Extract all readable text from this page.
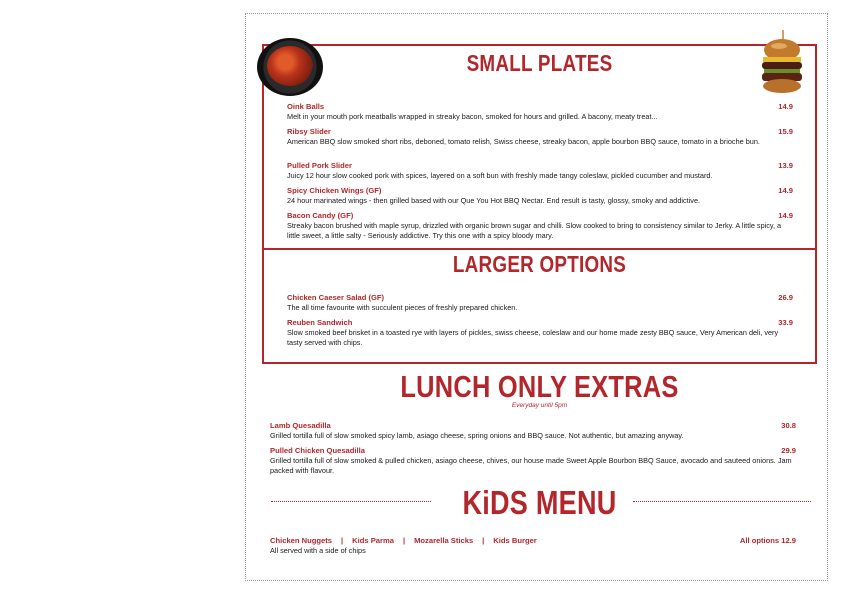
SMALL PLATES
Oink Balls	14.9
Melt in your mouth pork meatballs wrapped in streaky bacon, smoked for hours and grilled. A bacony, meaty treat...
Ribsy Slider	15.9
American BBQ slow smoked short ribs, deboned, tomato relish, Swiss cheese, streaky bacon, apple bourbon BBQ sauce, tomato in a brioche bun.
Pulled Pork Slider	13.9
Juicy 12 hour slow cooked pork with spices, layered on a soft bun with freshly made tangy coleslaw, pickled cucumber and mustard.
Spicy Chicken Wings (GF)	14.9
24 hour marinated wings - then grilled based with our Que You Hot BBQ Nectar. End result is tasty, glossy, smoky and addictive.
Bacon Candy (GF)	14.9
Streaky bacon brushed with maple syrup, drizzled with organic brown sugar and chilli. Slow cooked to bring to consistency similar to Jerky. A little spicy, a little sweet, a little salty - Seriously addictive. Try this one with a spicy bloody mary.
LARGER OPTIONS
Chicken Caeser Salad (GF)	26.9
The all time favourite with succulent pieces of freshly prepared chicken.
Reuben Sandwich	33.9
Slow smoked beef brisket in a toasted rye with layers of pickles, swiss cheese, coleslaw and our home made zesty BBQ sauce, Very American deli, very tasty served with chips.
LUNCH ONLY EXTRAS
Everyday until 5pm
Lamb Quesadilla	30.8
Grilled tortilla full of slow smoked spicy lamb, asiago cheese, spring onions and BBQ sauce. Not authentic, but amazing anyway.
Pulled Chicken Quesadilla	29.9
Grilled tortilla full of slow smoked & pulled chicken, asiago cheese, chives, our house made Sweet Apple Bourbon BBQ Sauce, avocado and sauteed onions. Jam packed with flavour.
KiDS MENU
Chicken Nuggets | Kids Parma | Mozarella Sticks | Kids Burger	All options 12.9
All served with a side of chips
